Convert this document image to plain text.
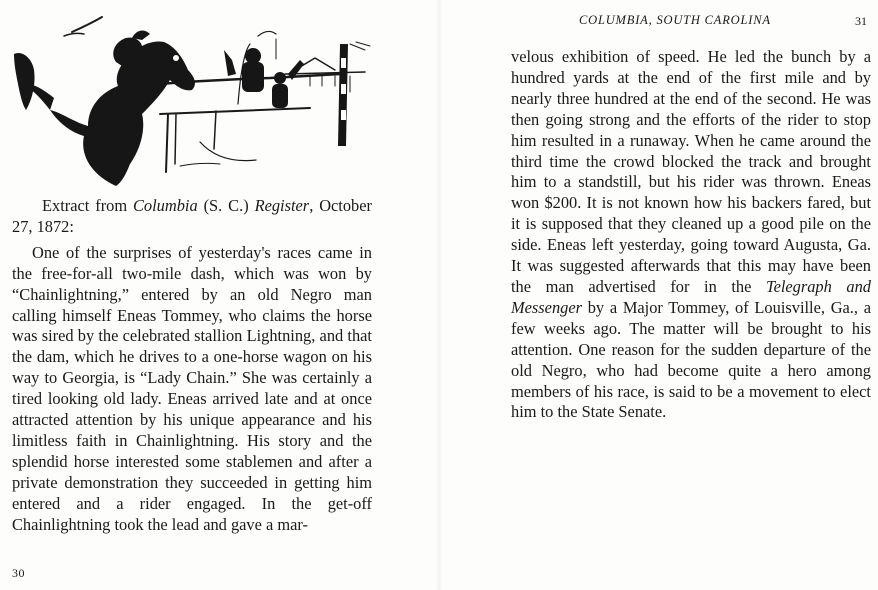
Extract from Columbia (S. C.) Register, October 27, 1872:

One of the surprises of yesterday's races came in the free-for-all two-mile dash, which was won by “Chainlightning,” entered by an old Negro man calling himself Eneas Tommey, who claims the horse was sired by the celebrated stallion Lightning, and that the dam, which he drives to a one-horse wagon on his way to Georgia, is “Lady Chain.” She was certainly a tired looking old lady. Eneas arrived late and at once attracted attention by his unique appearance and his limitless faith in Chainlightning. His story and the splendid horse interested some stablemen and after a private demonstration they succeeded in getting him entered and a rider engaged. In the get-off Chainlightning took the lead and gave a mar-

30
COLUMBIA, SOUTH CAROLINA	31

velous exhibition of speed. He led the bunch by a hundred yards at the end of the first mile and by nearly three hundred at the end of the second. He was then going strong and the efforts of the rider to stop him resulted in a runaway. When he came around the third time the crowd blocked the track and brought him to a standstill, but his rider was thrown. Eneas won $200. It is not known how his backers fared, but it is supposed that they cleaned up a good pile on the side. Eneas left yesterday, going toward Augusta, Ga. It was suggested afterwards that this may have been the man advertised for in the Telegraph and Messenger by a Major Tommey, of Louisville, Ga., a few weeks ago. The matter will be brought to his attention. One reason for the sudden departure of the old Negro, who had become quite a hero among members of his race, is said to be a movement to elect him to the State Senate.
